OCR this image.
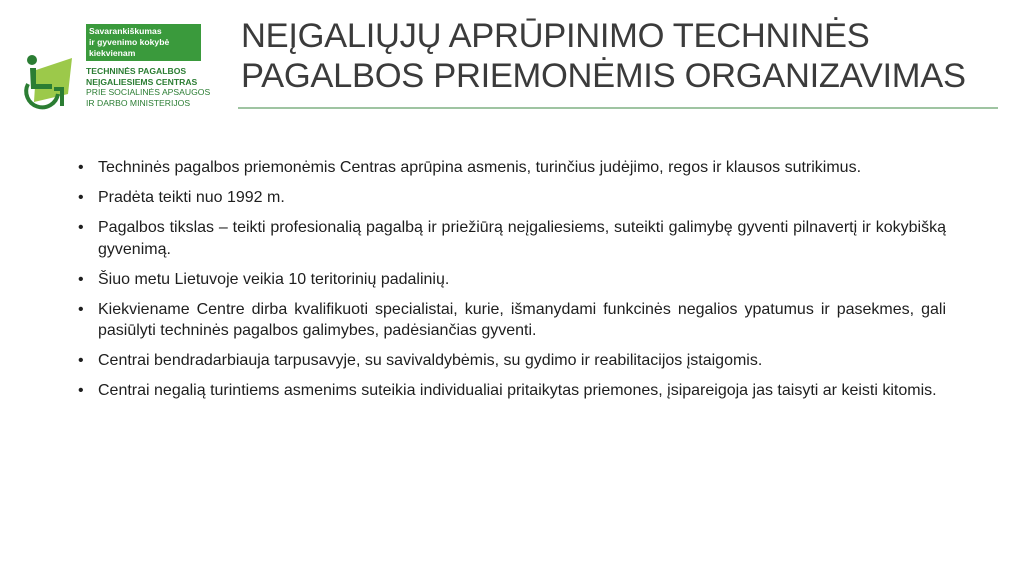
Savarankiškumas
ir gyvenimo kokybė
kiekvienam
TECHNINĖS PAGALBOS
NEĮGALIESIEMS CENTRAS
PRIE SOCIALINĖS APSAUGOS
IR DARBO MINISTERIJOS
NEĮGALIŲJŲ APRŪPINIMO TECHNINĖS
PAGALBOS PRIEMONĖMIS ORGANIZAVIMAS
• Techninės pagalbos priemonėmis Centras aprūpina asmenis, turinčius judėjimo, regos ir klausos sutrikimus.
• Pradėta teikti nuo 1992 m.
• Pagalbos tikslas – teikti profesionalią pagalbą ir priežiūrą neįgaliesiems, suteikti galimybę gyventi pilnavertį ir kokybišką gyvenimą.
• Šiuo metu Lietuvoje veikia 10 teritorinių padalinių.
• Kiekviename Centre dirba kvalifikuoti specialistai, kurie, išmanydami funkcinės negalios ypatumus ir pasekmes, gali pasiūlyti techninės pagalbos galimybes, padėsiančias gyventi.
• Centrai bendradarbiauja tarpusavyje, su savivaldybėmis, su gydimo ir reabilitacijos įstaigomis.
• Centrai negalią turintiems asmenims suteikia individualiai pritaikytas priemones, įsipareigoja jas taisyti ar keisti kitomis.
